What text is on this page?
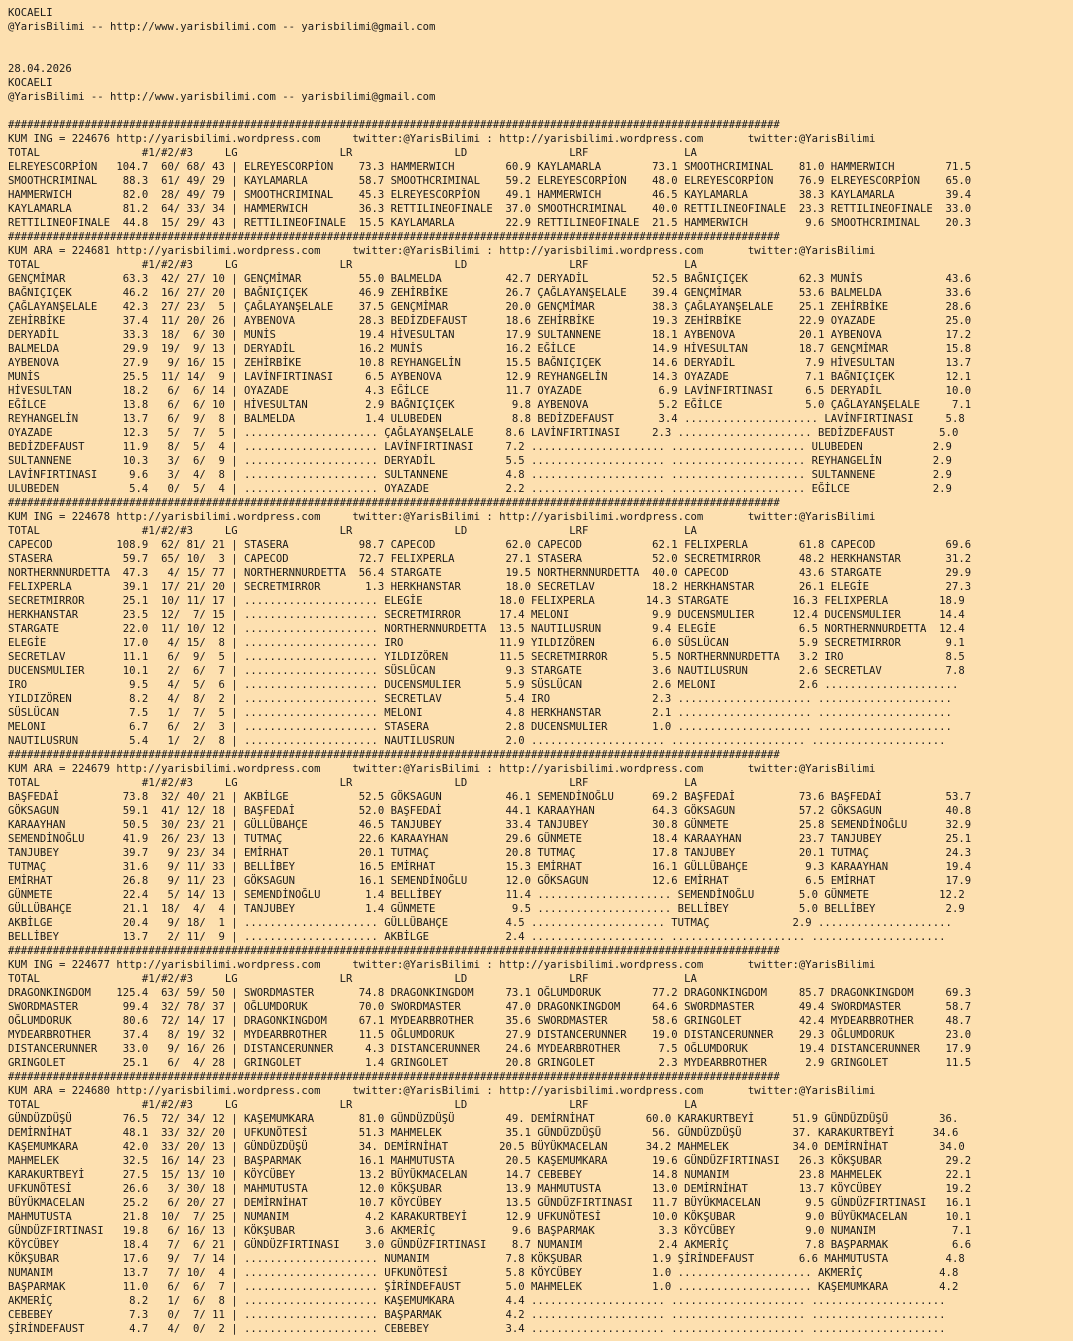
KOCAELI
@YarisBilimi -- http://www.yarisbilimi.com -- yarisbilimi@gmail.com

28.04.2026
KOCAELI
@YarisBilimi -- http://www.yarisbilimi.com -- yarisbilimi@gmail.com

#########################################################################################################################
KUM ING = 224676 http://yarisbilimi.wordpress.com     twitter:@YarisBilimi : http://yarisbilimi.wordpress.com       twitter:@YarisBilimi
TOTAL                #1/#2/#3     LG                LR                LD                LRF               LA
ELREYESCORPİON   104.7  60/ 68/ 43 | ELREYESCORPİON    73.3 HAMMERWICH        60.9 KAYLAMARLA        73.1 SMOOTHCRIMINAL    81.0 HAMMERWICH        71.5
SMOOTHCRIMINAL    88.3  61/ 49/ 29 | KAYLAMARLA        58.7 SMOOTHCRIMINAL    59.2 ELREYESCORPİON    48.0 ELREYESCORPİON    76.9 ELREYESCORPİON    65.0
HAMMERWICH        82.0  28/ 49/ 79 | SMOOTHCRIMINAL    45.3 ELREYESCORPİON    49.1 HAMMERWICH        46.5 KAYLAMARLA        38.3 KAYLAMARLA        39.4
KAYLAMARLA        81.2  64/ 33/ 34 | HAMMERWICH        36.3 RETTILINEOFINALE  37.0 SMOOTHCRIMINAL    40.0 RETTILINEOFINALE  23.3 RETTILINEOFINALE  33.0
RETTILINEOFINALE  44.8  15/ 29/ 43 | RETTILINEOFINALE  15.5 KAYLAMARLA        22.9 RETTILINEOFINALE  21.5 HAMMERWICH         9.6 SMOOTHCRIMINAL    20.3
#########################################################################################################################
KUM ARA = 224681 http://yarisbilimi.wordpress.com     twitter:@YarisBilimi : http://yarisbilimi.wordpress.com       twitter:@YarisBilimi
TOTAL                #1/#2/#3     LG                LR                LD                LRF               LA
GENÇMİMAR         63.3  42/ 27/ 10 | GENÇMİMAR         55.0 BALMELDA          42.7 DERYADİL          52.5 BAĞNIÇIÇEK        62.3 MUNİS             43.6
BAĞNIÇIÇEK        46.2  16/ 27/ 20 | BAĞNIÇIÇEK        46.9 ZEHİRBİKE         26.7 ÇAĞLAYANŞELALE    39.4 GENÇMİMAR         53.6 BALMELDA          33.6
ÇAĞLAYANŞELALE    42.3  27/ 23/  5 | ÇAĞLAYANŞELALE    37.5 GENÇMİMAR         20.0 GENÇMİMAR         38.3 ÇAĞLAYANŞELALE    25.1 ZEHİRBİKE         28.6
ZEHİRBİKE         37.4  11/ 20/ 26 | AYBENOVA          28.3 BEDİZDEFAUST      18.6 ZEHİRBİKE         19.3 ZEHİRBİKE         22.9 OYAZADE           25.0
DERYADİL          33.3  18/  6/ 30 | MUNİS             19.4 HİVESULTAN        17.9 SULTANNENE        18.1 AYBENOVA          20.1 AYBENOVA          17.2
BALMELDA          29.9  19/  9/ 13 | DERYADİL          16.2 MUNİS             16.2 EĞİLCE            14.9 HİVESULTAN        18.7 GENÇMİMAR         15.8
AYBENOVA          27.9   9/ 16/ 15 | ZEHİRBİKE         10.8 REYHANGELİN       15.5 BAĞNIÇIÇEK        14.6 DERYADİL           7.9 HİVESULTAN        13.7
MUNİS             25.5  11/ 14/  9 | LAVİNFIRTINASI     6.5 AYBENOVA          12.9 REYHANGELİN       14.3 OYAZADE            7.1 BAĞNIÇIÇEK        12.1
HİVESULTAN        18.2   6/  6/ 14 | OYAZADE            4.3 EĞİLCE            11.7 OYAZADE            6.9 LAVİNFIRTINASI     6.5 DERYADİL          10.0
EĞİLCE            13.8   6/  6/ 10 | HİVESULTAN         2.9 BAĞNIÇIÇEK         9.8 AYBENOVA           5.2 EĞİLCE             5.0 ÇAĞLAYANŞELALE     7.1
REYHANGELİN       13.7   6/  9/  8 | BALMELDA           1.4 ULUBEDEN           8.8 BEDİZDEFAUST       3.4 ..................... LAVİNFIRTINASI     5.8
OYAZADE           12.3   5/  7/  5 | ..................... ÇAĞLAYANŞELALE     8.6 LAVİNFIRTINASI     2.3 ..................... BEDİZDEFAUST       5.0
BEDİZDEFAUST      11.9   8/  5/  4 | ..................... LAVİNFIRTINASI     7.2 ..................... ..................... ULUBEDEN           2.9
SULTANNENE        10.3   3/  6/  9 | ..................... DERYADİL           5.5 ..................... ..................... REYHANGELİN        2.9
LAVİNFIRTINASI     9.6   3/  4/  8 | ..................... SULTANNENE         4.8 ..................... ..................... SULTANNENE         2.9
ULUBEDEN           5.4   0/  5/  4 | ..................... OYAZADE            2.2 ..................... ..................... EĞİLCE             2.9
#########################################################################################################################
KUM ING = 224678 http://yarisbilimi.wordpress.com     twitter:@YarisBilimi : http://yarisbilimi.wordpress.com       twitter:@YarisBilimi
TOTAL                #1/#2/#3     LG                LR                LD                LRF               LA
CAPECOD          108.9  62/ 81/ 21 | STASERA           98.7 CAPECOD           62.0 CAPECOD           62.1 FELIXPERLA        61.8 CAPECOD           69.6
STASERA           59.7  65/ 10/  3 | CAPECOD           72.7 FELIXPERLA        27.1 STASERA           52.0 SECRETMIRROR      48.2 HERKHANSTAR       31.2
NORTHERNNURDETTA  47.3   4/ 15/ 77 | NORTHERNNURDETTA  56.4 STARGATE          19.5 NORTHERNNURDETTA  40.0 CAPECOD           43.6 STARGATE          29.9
FELIXPERLA        39.1  17/ 21/ 20 | SECRETMIRROR       1.3 HERKHANSTAR       18.0 SECRETLAV         18.2 HERKHANSTAR       26.1 ELEGİE            27.3
SECRETMIRROR      25.1  10/ 11/ 17 | ..................... ELEGİE            18.0 FELIXPERLA        14.3 STARGATE          16.3 FELIXPERLA        18.9
HERKHANSTAR       23.5  12/  7/ 15 | ..................... SECRETMIRROR      17.4 MELONI             9.9 DUCENSMULIER      12.4 DUCENSMULIER      14.4
STARGATE          22.0  11/ 10/ 12 | ..................... NORTHERNNURDETTA  13.5 NAUTILUSRUN        9.4 ELEGİE             6.5 NORTHERNNURDETTA  12.4
ELEGİE            17.0   4/ 15/  8 | ..................... IRO               11.9 YILDIZÖREN         6.0 SÜSLÜCAN           5.9 SECRETMIRROR       9.1
SECRETLAV         11.1   6/  9/  5 | ..................... YILDIZÖREN        11.5 SECRETMIRROR       5.5 NORTHERNNURDETTA   3.2 IRO                8.5
DUCENSMULIER      10.1   2/  6/  7 | ..................... SÜSLÜCAN           9.3 STARGATE           3.6 NAUTILUSRUN        2.6 SECRETLAV          7.8
IRO                9.5   4/  5/  6 | ..................... DUCENSMULIER       5.9 SÜSLÜCAN           2.6 MELONI             2.6 .....................
YILDIZÖREN         8.2   4/  8/  2 | ..................... SECRETLAV          5.4 IRO                2.3 ..................... .....................
SÜSLÜCAN           7.5   1/  7/  5 | ..................... MELONI             4.8 HERKHANSTAR        2.1 ..................... .....................
MELONI             6.7   6/  2/  3 | ..................... STASERA            2.8 DUCENSMULIER       1.0 ..................... .....................
NAUTILUSRUN        5.4   1/  2/  8 | ..................... NAUTILUSRUN        2.0 ..................... ..................... .....................
#########################################################################################################################
KUM ARA = 224679 http://yarisbilimi.wordpress.com     twitter:@YarisBilimi : http://yarisbilimi.wordpress.com       twitter:@YarisBilimi
TOTAL                #1/#2/#3     LG                LR                LD                LRF               LA
BAŞFEDAİ          73.8  32/ 40/ 21 | AKBİLGE           52.5 GÖKSAGUN          46.1 SEMENDİNOĞLU      69.2 BAŞFEDAİ          73.6 BAŞFEDAİ          53.7
GÖKSAGUN          59.1  41/ 12/ 18 | BAŞFEDAİ          52.0 BAŞFEDAİ          44.1 KARAAYHAN         64.3 GÖKSAGUN          57.2 GÖKSAGUN          40.8
KARAAYHAN         50.5  30/ 23/ 21 | GÜLLÜBAHÇE        46.5 TANJUBEY          33.4 TANJUBEY          30.8 GÜNMETE           25.8 SEMENDİNOĞLU      32.9
SEMENDİNOĞLU      41.9  26/ 23/ 13 | TUTMAÇ            22.6 KARAAYHAN         29.6 GÜNMETE           18.4 KARAAYHAN         23.7 TANJUBEY          25.1
TANJUBEY          39.7   9/ 23/ 34 | EMİRHAT           20.1 TUTMAÇ            20.8 TUTMAÇ            17.8 TANJUBEY          20.1 TUTMAÇ            24.3
TUTMAÇ            31.6   9/ 11/ 33 | BELLİBEY          16.5 EMİRHAT           15.3 EMİRHAT           16.1 GÜLLÜBAHÇE         9.3 KARAAYHAN         19.4
EMİRHAT           26.8   9/ 11/ 23 | GÖKSAGUN          16.1 SEMENDİNOĞLU      12.0 GÖKSAGUN          12.6 EMİRHAT            6.5 EMİRHAT           17.9
GÜNMETE           22.4   5/ 14/ 13 | SEMENDİNOĞLU       1.4 BELLİBEY          11.4 ..................... SEMENDİNOĞLU       5.0 GÜNMETE           12.2
GÜLLÜBAHÇE        21.1  18/  4/  4 | TANJUBEY           1.4 GÜNMETE            9.5 ..................... BELLİBEY           5.0 BELLİBEY           2.9
AKBİLGE           20.4   9/ 18/  1 | ..................... GÜLLÜBAHÇE         4.5 ..................... TUTMAÇ             2.9 .....................
BELLİBEY          13.7   2/ 11/  9 | ..................... AKBİLGE            2.4 ..................... ..................... .....................
#########################################################################################################################
KUM ING = 224677 http://yarisbilimi.wordpress.com     twitter:@YarisBilimi : http://yarisbilimi.wordpress.com       twitter:@YarisBilimi
TOTAL                #1/#2/#3     LG                LR                LD                LRF               LA
DRAGONKINGDOM    125.4  63/ 59/ 50 | SWORDMASTER       74.8 DRAGONKINGDOM     73.1 OĞLUMDORUK        77.2 DRAGONKINGDOM     85.7 DRAGONKINGDOM     69.3
SWORDMASTER       99.4  32/ 78/ 37 | OĞLUMDORUK        70.0 SWORDMASTER       47.0 DRAGONKINGDOM     64.6 SWORDMASTER       49.4 SWORDMASTER       58.7
OĞLUMDORUK        80.6  72/ 14/ 17 | DRAGONKINGDOM     67.1 MYDEARBROTHER     35.6 SWORDMASTER       58.6 GRINGOLET         42.4 MYDEARBROTHER     48.7
MYDEARBROTHER     37.4   8/ 19/ 32 | MYDEARBROTHER     11.5 OĞLUMDORUK        27.9 DISTANCERUNNER    19.0 DISTANCERUNNER    29.3 OĞLUMDORUK        23.0
DISTANCERUNNER    33.0   9/ 16/ 26 | DISTANCERUNNER     4.3 DISTANCERUNNER    24.6 MYDEARBROTHER      7.5 OĞLUMDORUK        19.4 DISTANCERUNNER    17.9
GRINGOLET         25.1   6/  4/ 28 | GRINGOLET          1.4 GRINGOLET         20.8 GRINGOLET          2.3 MYDEARBROTHER      2.9 GRINGOLET         11.5
#########################################################################################################################
KUM ARA = 224680 http://yarisbilimi.wordpress.com     twitter:@YarisBilimi : http://yarisbilimi.wordpress.com       twitter:@YarisBilimi
TOTAL                #1/#2/#3     LG                LR                LD                LRF               LA
GÜNDÜZDÜŞÜ        76.5  72/ 34/ 12 | KAŞEMUMKARA       81.0 GÜNDÜZDÜŞÜ        49. DEMİRNİHAT        60.0 KARAKURTBEYİ      51.9 GÜNDÜZDÜŞÜ        36.
DEMİRNİHAT        48.1  33/ 32/ 20 | UFKUNÖTESİ        51.3 MAHMELEK          35.1 GÜNDÜZDÜŞÜ        56. GÜNDÜZDÜŞÜ        37. KARAKURTBEYİ      34.6
KAŞEMUMKARA       42.0  33/ 20/ 13 | GÜNDÜZDÜŞÜ        34. DEMİRNİHAT        20.5 BÜYÜKMACELAN      34.2 MAHMELEK          34.0 DEMİRNİHAT        34.0
MAHMELEK          32.5  16/ 14/ 23 | BAŞPARMAK         16.1 MAHMUTUSTA        20.5 KAŞEMUMKARA       19.6 GÜNDÜZFIRTINASI   26.3 KÖKŞUBAR          29.2
KARAKURTBEYİ      27.5  15/ 13/ 10 | KÖYCÜBEY          13.2 BÜYÜKMACELAN      14.7 CEBEBEY           14.8 NUMANIM           23.8 MAHMELEK          22.1
UFKUNÖTESİ        26.6   3/ 30/ 18 | MAHMUTUSTA        12.0 KÖKŞUBAR          13.9 MAHMUTUSTA        13.0 DEMİRNİHAT        13.7 KÖYCÜBEY          19.2
BÜYÜKMACELAN      25.2   6/ 20/ 27 | DEMİRNİHAT        10.7 KÖYCÜBEY          13.5 GÜNDÜZFIRTINASI   11.7 BÜYÜKMACELAN       9.5 GÜNDÜZFIRTINASI   16.1
MAHMUTUSTA        21.8  10/  7/ 25 | NUMANIM            4.2 KARAKURTBEYİ      12.9 UFKUNÖTESİ        10.0 KÖKŞUBAR           9.0 BÜYÜKMACELAN      10.1
GÜNDÜZFIRTINASI   19.8   6/ 16/ 13 | KÖKŞUBAR           3.6 AKMERİÇ            9.6 BAŞPARMAK          3.3 KÖYCÜBEY           9.0 NUMANIM            7.1
KÖYCÜBEY          18.4   7/  6/ 21 | GÜNDÜZFIRTINASI    3.0 GÜNDÜZFIRTINASI    8.7 NUMANIM            2.4 AKMERİÇ            7.8 BAŞPARMAK          6.6
KÖKŞUBAR          17.6   9/  7/ 14 | ..................... NUMANIM            7.8 KÖKŞUBAR           1.9 ŞİRİNDEFAUST       6.6 MAHMUTUSTA         4.8
NUMANIM           13.7   7/ 10/  4 | ..................... UFKUNÖTESİ         5.8 KÖYCÜBEY           1.0 ..................... AKMERİÇ            4.8
BAŞPARMAK         11.0   6/  6/  7 | ..................... ŞİRİNDEFAUST       5.0 MAHMELEK           1.0 ..................... KAŞEMUMKARA        4.2
AKMERİÇ            8.2   1/  6/  8 | ..................... KAŞEMUMKARA        4.4 ..................... ..................... .....................
CEBEBEY            7.3   0/  7/ 11 | ..................... BAŞPARMAK          4.2 ..................... ..................... .....................
ŞİRİNDEFAUST       4.7   4/  0/  2 | ..................... CEBEBEY            3.4 ..................... ..................... .....................
